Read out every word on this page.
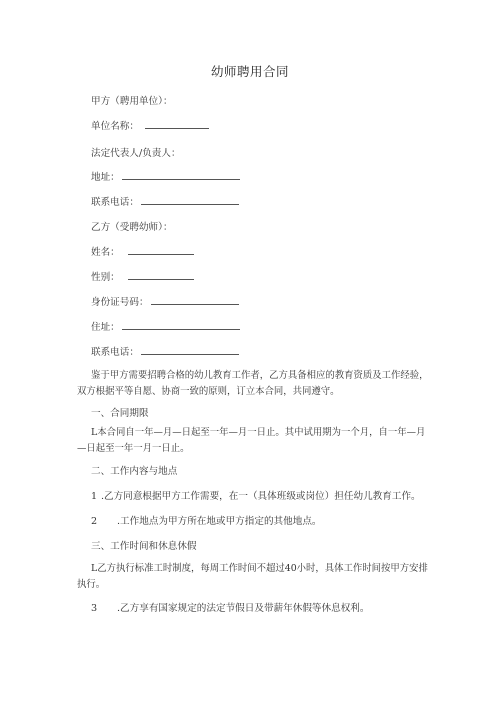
幼师聘用合同
甲方（聘用单位）：
单位名称：
法定代表人/负责人：
地址：
联系电话：
乙方（受聘幼师）：
姓名：
性别：
身份证号码：
住址：
联系电话：
鉴于甲方需要招聘合格的幼儿教育工作者，乙方具备相应的教育资质及工作经验，双方根据平等自愿、协商一致的原则，订立本合同，共同遵守。
一、合同期限
L本合同自一年—月—日起至一年—月一日止。其中试用期为一个月，自一年—月—日起至一年一月一日止。
二、工作内容与地点
1 .乙方同意根据甲方工作需要，在一（具体班级或岗位）担任幼儿教育工作。
2 .工作地点为甲方所在地或甲方指定的其他地点。
三、工作时间和休息休假
L乙方执行标准工时制度，每周工作时间不超过40小时，具体工作时间按甲方安排执行。
3 .乙方享有国家规定的法定节假日及带薪年休假等休息权利。
